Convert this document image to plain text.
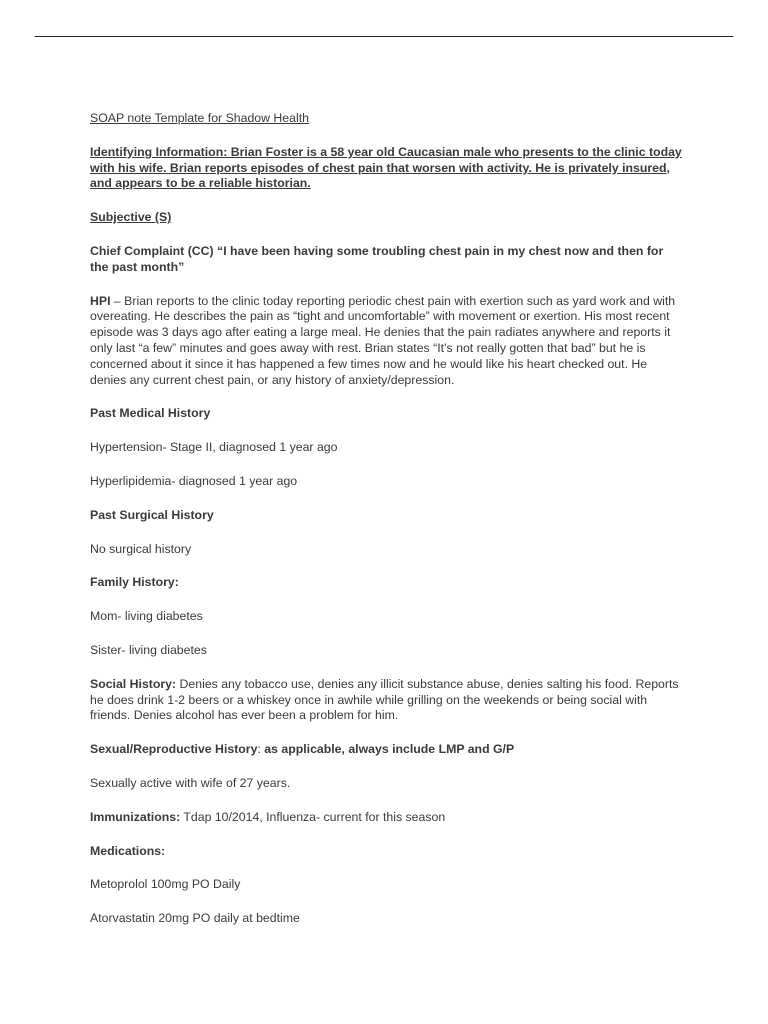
SOAP note Template for Shadow Health

Identifying Information: Brian Foster is a 58 year old Caucasian male who presents to the clinic today with his wife. Brian reports episodes of chest pain that worsen with activity. He is privately insured, and appears to be a reliable historian.

Subjective (S)

Chief Complaint (CC) “I have been having some troubling chest pain in my chest now and then for the past month”

HPI – Brian reports to the clinic today reporting periodic chest pain with exertion such as yard work and with overeating. He describes the pain as “tight and uncomfortable” with movement or exertion. His most recent episode was 3 days ago after eating a large meal. He denies that the pain radiates anywhere and reports it only last “a few” minutes and goes away with rest. Brian states “It’s not really gotten that bad” but he is concerned about it since it has happened a few times now and he would like his heart checked out. He denies any current chest pain, or any history of anxiety/depression.

Past Medical History

Hypertension- Stage II, diagnosed 1 year ago

Hyperlipidemia- diagnosed 1 year ago

Past Surgical History

No surgical history

Family History:

Mom- living diabetes

Sister- living diabetes

Social History: Denies any tobacco use, denies any illicit substance abuse, denies salting his food. Reports he does drink 1-2 beers or a whiskey once in awhile while grilling on the weekends or being social with friends. Denies alcohol has ever been a problem for him.

Sexual/Reproductive History: as applicable, always include LMP and G/P

Sexually active with wife of 27 years.

Immunizations: Tdap 10/2014, Influenza- current for this season

Medications:

Metoprolol 100mg PO Daily

Atorvastatin 20mg PO daily at bedtime
